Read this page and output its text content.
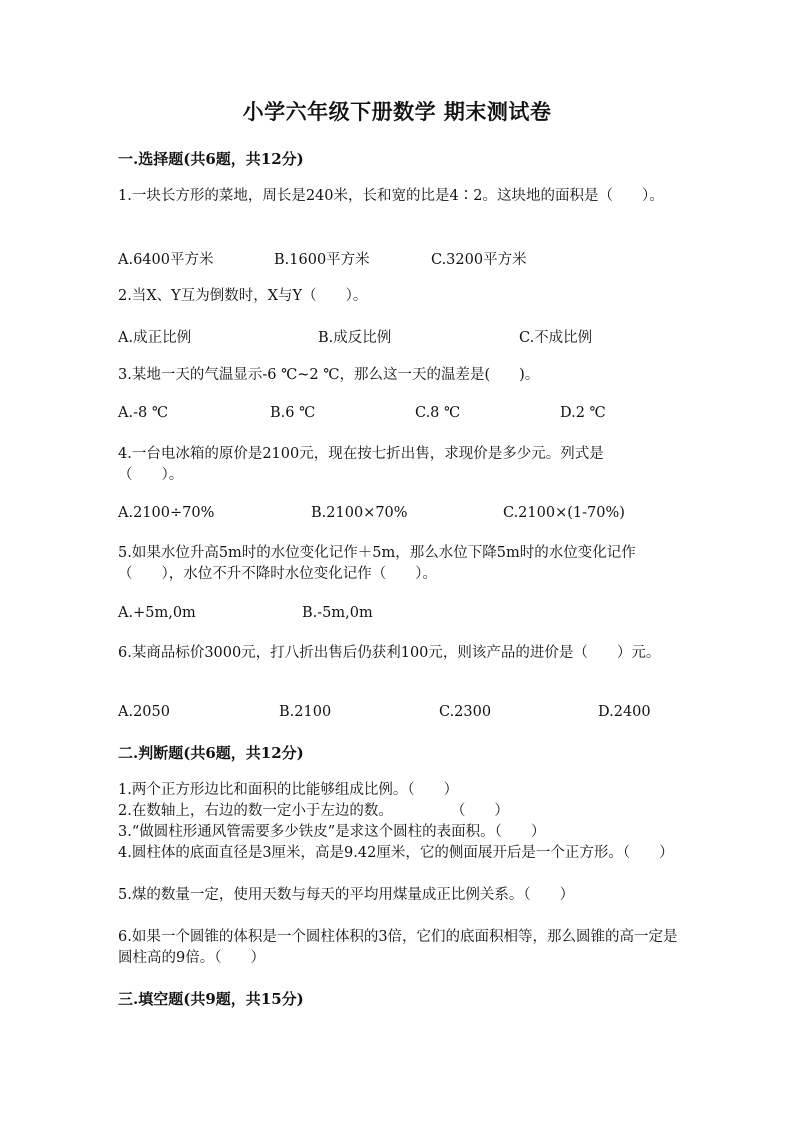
小学六年级下册数学 期末测试卷
一.选择题(共6题，共12分)
1.一块长方形的菜地，周长是240米，长和宽的比是4∶2。这块地的面积是（　　）。
A.6400平方米	B.1600平方米	C.3200平方米
2.当X、Y互为倒数时，X与Y（　　）。
A.成正比例	B.成反比例	C.不成比例
3.某地一天的气温显示-6 ℃~2 ℃，那么这一天的温差是(　　)。
A.-8 ℃	B.6 ℃	C.8 ℃	D.2 ℃
4.一台电冰箱的原价是2100元，现在按七折出售，求现价是多少元。列式是（　　）。
A.2100÷70%	B.2100×70%	C.2100×(1-70%)
5.如果水位升高5m时的水位变化记作＋5m，那么水位下降5m时的水位变化记作（　　），水位不升不降时水位变化记作（　　）。
A.+5m,0m	B.-5m,0m
6.某商品标价3000元，打八折出售后仍获利100元，则该产品的进价是（　　）元。
A.2050	B.2100	C.2300	D.2400
二.判断题(共6题，共12分)
1.两个正方形边比和面积的比能够组成比例。（　　）
2.在数轴上，右边的数一定小于左边的数。　　　　　（　　）
3.“做圆柱形通风管需要多少铁皮”是求这个圆柱的表面积。（　　）
4.圆柱体的底面直径是3厘米，高是9.42厘米，它的侧面展开后是一个正方形。（　　）
5.煤的数量一定，使用天数与每天的平均用煤量成正比例关系。（　　）
6.如果一个圆锥的体积是一个圆柱体积的3倍，它们的底面积相等，那么圆锥的高一定是圆柱高的9倍。（　　）
三.填空题(共9题，共15分)
